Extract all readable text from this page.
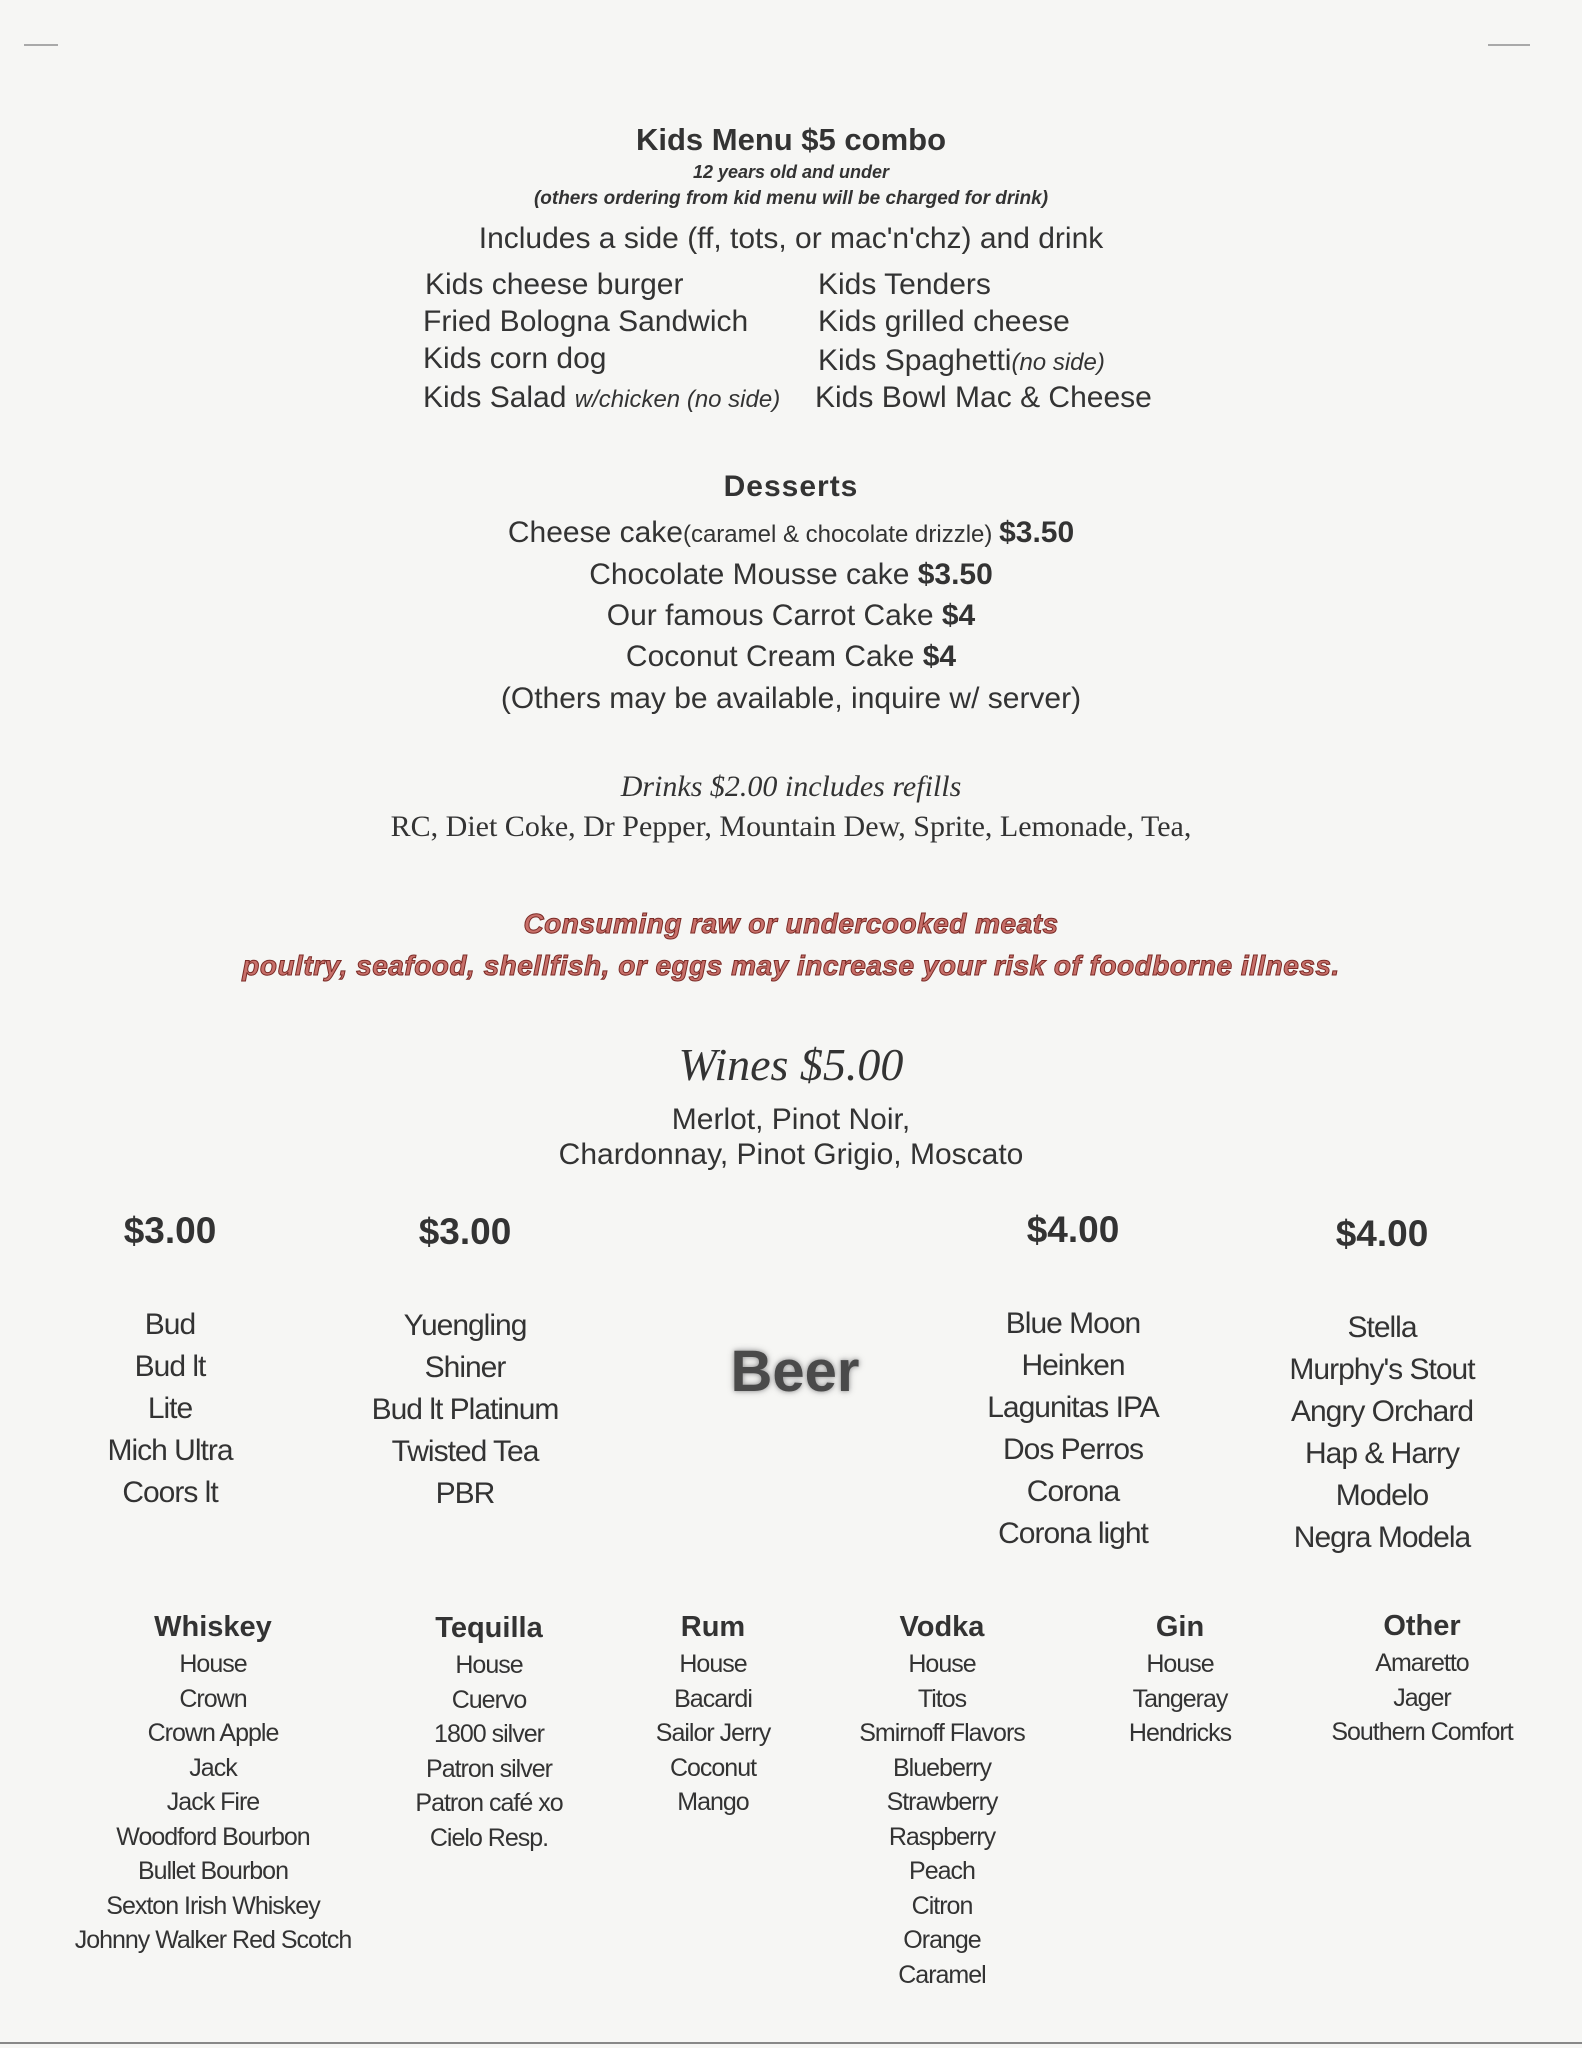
Kids Menu $5 combo
12 years old and under
(others ordering from kid menu will be charged for drink)
Includes a side (ff, tots, or mac'n'chz) and drink
Kids cheese burger
Fried Bologna Sandwich
Kids corn dog
Kids Salad w/chicken (no side)
Kids Tenders
Kids grilled cheese
Kids Spaghetti(no side)
Kids Bowl Mac & Cheese
Desserts
Cheese cake(caramel & chocolate drizzle) $3.50
Chocolate Mousse cake $3.50
Our famous Carrot Cake $4
Coconut Cream Cake $4
(Others may be available, inquire w/ server)
Drinks $2.00 includes refills
RC, Diet Coke, Dr Pepper, Mountain Dew, Sprite, Lemonade, Tea,
Consuming raw or undercooked meats
poultry, seafood, shellfish, or eggs may increase your risk of foodborne illness.
Wines $5.00
Merlot, Pinot Noir,
Chardonnay, Pinot Grigio, Moscato
$3.00
Bud
Bud lt
Lite
Mich Ultra
Coors lt
$3.00
Yuengling
Shiner
Bud lt Platinum
Twisted Tea
PBR
Beer
$4.00
Blue Moon
Heinken
Lagunitas IPA
Dos Perros
Corona
Corona light
$4.00
Stella
Murphy's Stout
Angry Orchard
Hap & Harry
Modelo
Negra Modela
Whiskey
House
Crown
Crown Apple
Jack
Jack Fire
Woodford Bourbon
Bullet Bourbon
Sexton Irish Whiskey
Johnny Walker Red Scotch
Tequilla
House
Cuervo
1800 silver
Patron silver
Patron café xo
Cielo Resp.
Rum
House
Bacardi
Sailor Jerry
Coconut
Mango
Vodka
House
Titos
Smirnoff Flavors
Blueberry
Strawberry
Raspberry
Peach
Citron
Orange
Caramel
Gin
House
Tangeray
Hendricks
Other
Amaretto
Jager
Southern Comfort
